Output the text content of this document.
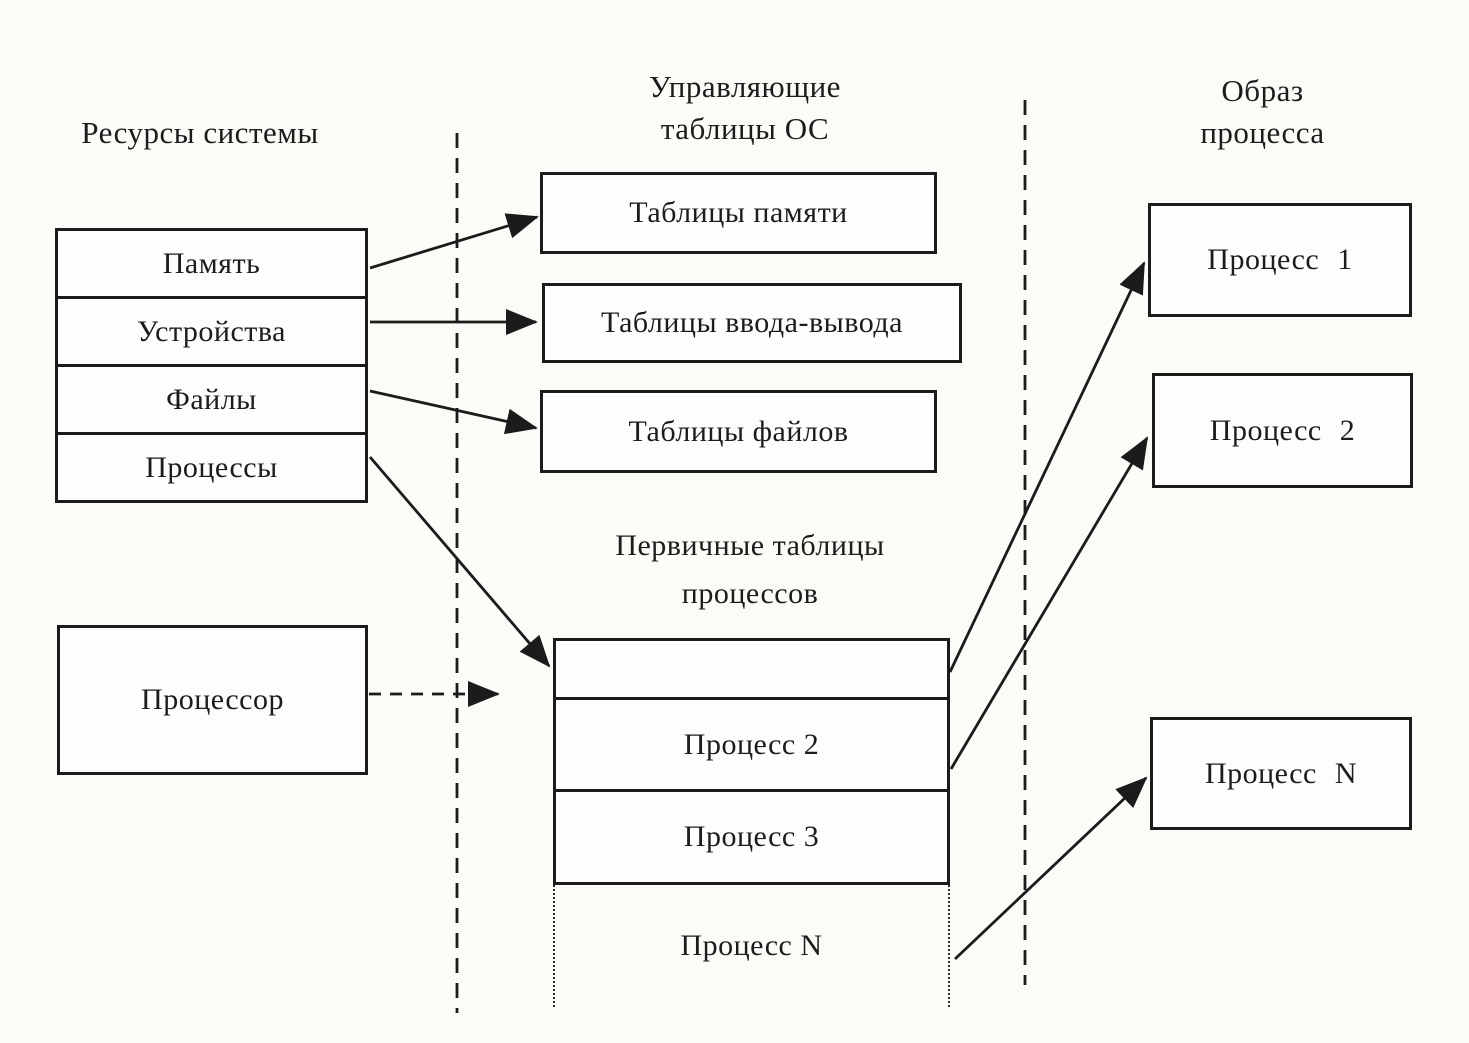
Ресурсы системы
Управляющие
таблицы ОС
Образ
процесса
Первичные таблицы
процессов
Память
Устройства
Файлы
Процессы
Процессор
Таблицы памяти
Таблицы ввода-вывода
Таблицы файлов
Процесс 2
Процесс 3
Процесс N
Процесс 1
Процесс 2
Процесс N
